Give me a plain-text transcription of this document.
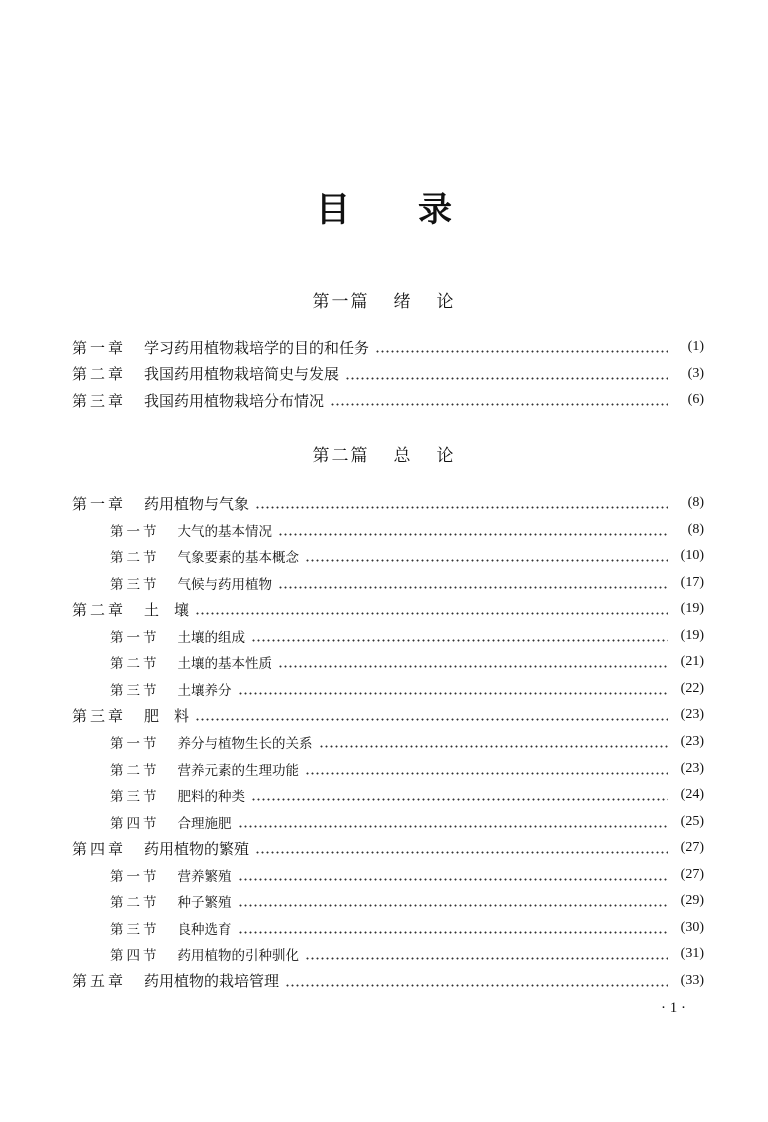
目 录
第一篇 绪 论
第一章 学习药用植物栽培学的目的和任务	(1)
第二章 我国药用植物栽培简史与发展	(3)
第三章 我国药用植物栽培分布情况	(6)
第二篇 总 论
第一章 药用植物与气象	(8)
第一节 大气的基本情况	(8)
第二节 气象要素的基本概念	(10)
第三节 气候与药用植物	(17)
第二章 土　壤	(19)
第一节 土壤的组成	(19)
第二节 土壤的基本性质	(21)
第三节 土壤养分	(22)
第三章 肥　料	(23)
第一节 养分与植物生长的关系	(23)
第二节 营养元素的生理功能	(23)
第三节 肥料的种类	(24)
第四节 合理施肥	(25)
第四章 药用植物的繁殖	(27)
第一节 营养繁殖	(27)
第二节 种子繁殖	(29)
第三节 良种选育	(30)
第四节 药用植物的引种驯化	(31)
第五章 药用植物的栽培管理	(33)
· 1 ·
